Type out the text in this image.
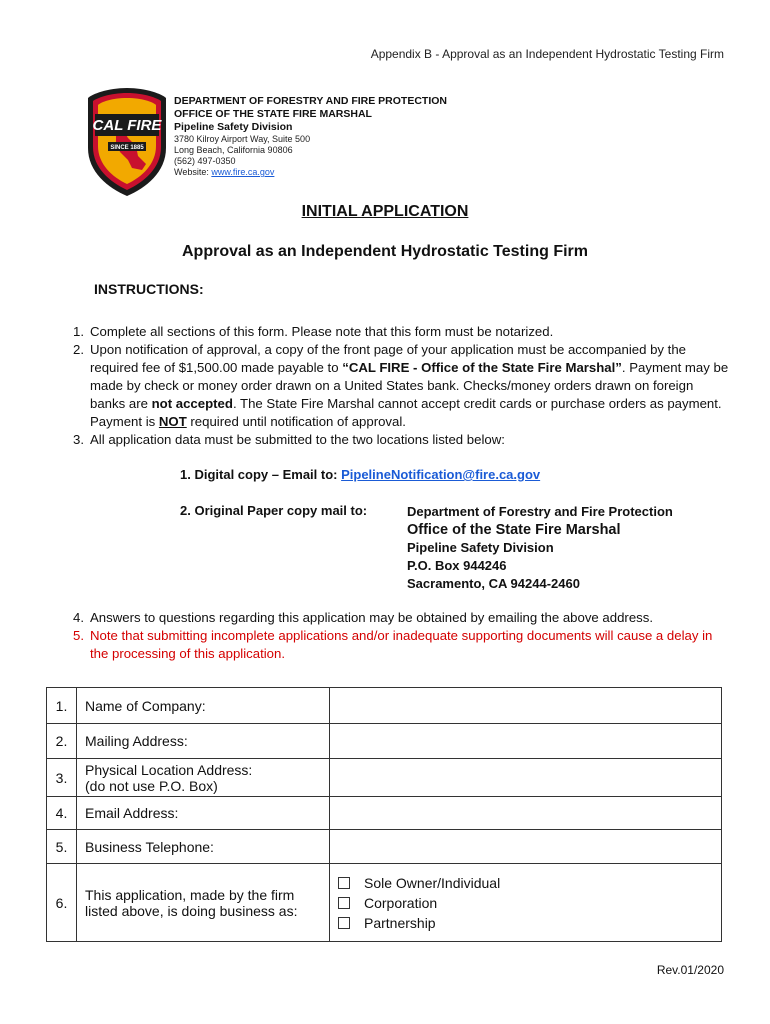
Appendix B - Approval as an Independent Hydrostatic Testing Firm
CAL FIRE
SINCE 1885
DEPARTMENT OF FORESTRY AND FIRE PROTECTION
OFFICE OF THE STATE FIRE MARSHAL
Pipeline Safety Division
3780 Kilroy Airport Way, Suite 500
Long Beach, California 90806
(562) 497-0350
Website: www.fire.ca.gov
INITIAL APPLICATION
Approval as an Independent Hydrostatic Testing Firm
INSTRUCTIONS:
1. Complete all sections of this form. Please note that this form must be notarized.
2. Upon notification of approval, a copy of the front page of your application must be accompanied by the required fee of $1,500.00 made payable to “CAL FIRE - Office of the State Fire Marshal”. Payment may be made by check or money order drawn on a United States bank. Checks/money orders drawn on foreign banks are not accepted. The State Fire Marshal cannot accept credit cards or purchase orders as payment. Payment is NOT required until notification of approval.
3. All application data must be submitted to the two locations listed below:
1. Digital copy – Email to: PipelineNotification@fire.ca.gov
2. Original Paper copy mail to:	Department of Forestry and Fire Protection
Office of the State Fire Marshal
Pipeline Safety Division
P.O. Box 944246
Sacramento, CA 94244-2460
4. Answers to questions regarding this application may be obtained by emailing the above address.
5. Note that submitting incomplete applications and/or inadequate supporting documents will cause a delay in the processing of this application.
1.	Name of Company:	
2.	Mailing Address:	
3.	Physical Location Address:
(do not use P.O. Box)	

4.	Email Address:	
5.	Business Telephone:	
6.	This application, made by the firm listed above, is doing business as:	Sole Owner/Individual
Corporation
Partnership
Rev.01/2020
